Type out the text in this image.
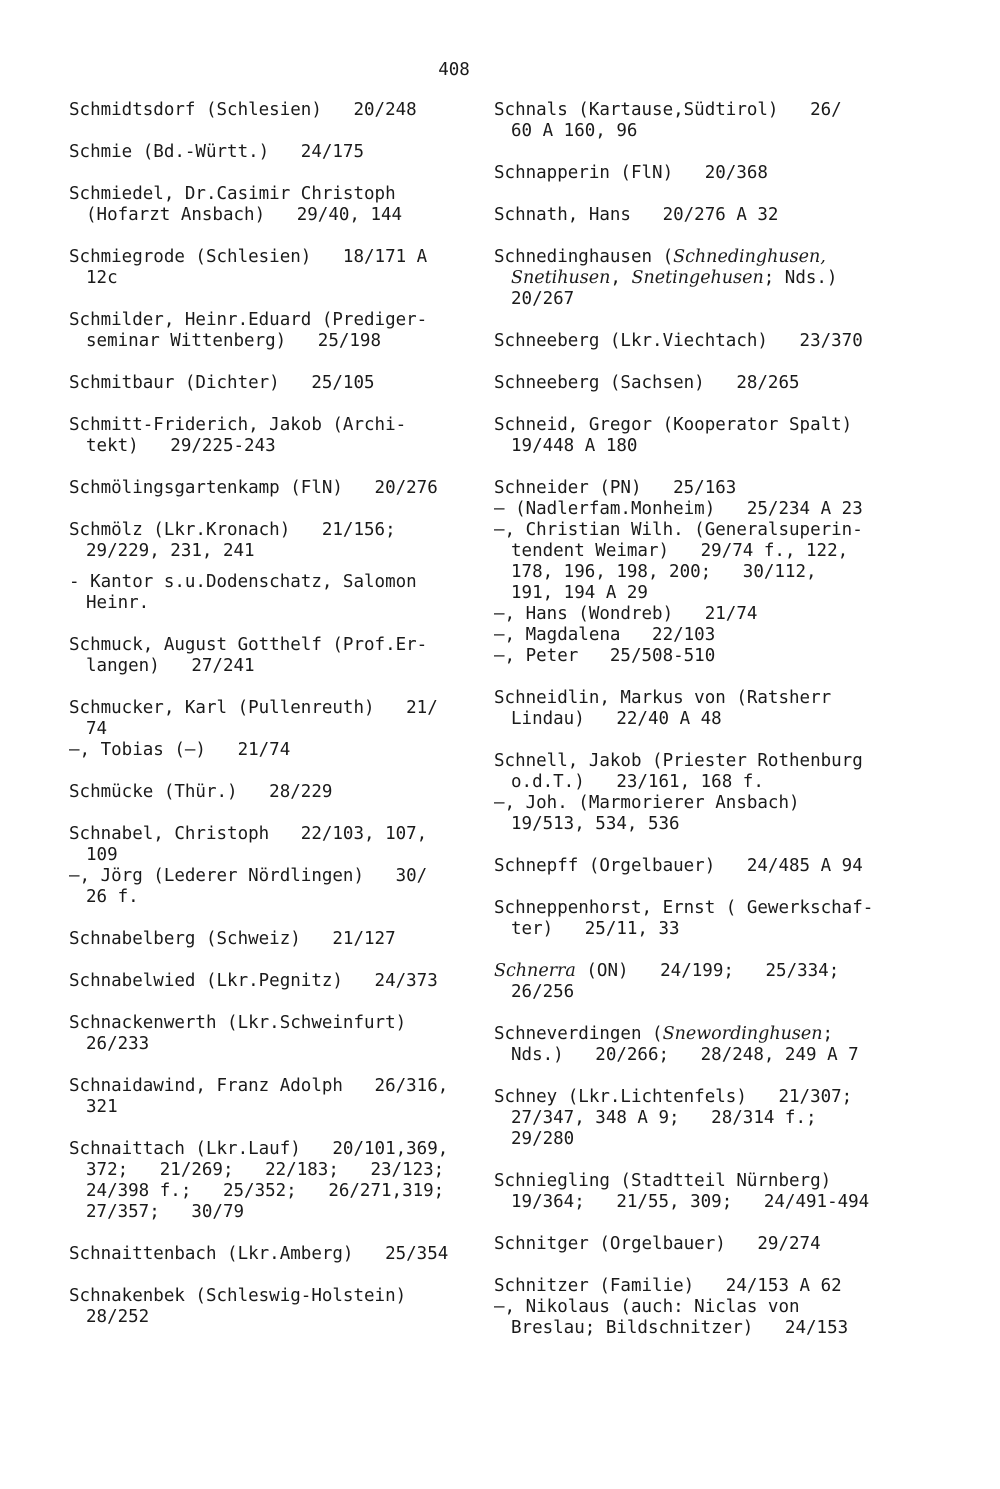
408
Schmidtsdorf (Schlesien)   20/248
Schmie (Bd.-Württ.)   24/175
Schmiedel, Dr.Casimir Christoph
(Hofarzt Ansbach)   29/40, 144
Schmiegrode (Schlesien)   18/171 A
12c
Schmilder, Heinr.Eduard (Prediger-
seminar Wittenberg)   25/198
Schmitbaur (Dichter)   25/105
Schmitt-Friderich, Jakob (Archi-
tekt)   29/225-243
Schmölingsgartenkamp (FlN)   20/276
Schmölz (Lkr.Kronach)   21/156;
29/229, 231, 241
- Kantor s.u.Dodenschatz, Salomon
Heinr.
Schmuck, August Gotthelf (Prof.Er-
langen)   27/241
Schmucker, Karl (Pullenreuth)   21/
74
—, Tobias (—)   21/74
Schmücke (Thür.)   28/229
Schnabel, Christoph   22/103, 107,
109
—, Jörg (Lederer Nördlingen)   30/
26 f.
Schnabelberg (Schweiz)   21/127
Schnabelwied (Lkr.Pegnitz)   24/373
Schnackenwerth (Lkr.Schweinfurt)
26/233
Schnaidawind, Franz Adolph   26/316,
321
Schnaittach (Lkr.Lauf)   20/101,369,
372;   21/269;   22/183;   23/123;
24/398 f.;   25/352;   26/271,319;
27/357;   30/79
Schnaittenbach (Lkr.Amberg)   25/354
Schnakenbek (Schleswig-Holstein)
28/252
Schnals (Kartause,Südtirol)   26/
60 A 160, 96
Schnapperin (FlN)   20/368
Schnath, Hans   20/276 A 32
Schnedinghausen (Schnedinghusen,
Snetihusen, Snetingehusen; Nds.)
20/267
Schneeberg (Lkr.Viechtach)   23/370
Schneeberg (Sachsen)   28/265
Schneid, Gregor (Kooperator Spalt)
19/448 A 180
Schneider (PN)   25/163
— (Nadlerfam.Monheim)   25/234 A 23
—, Christian Wilh. (Generalsuperin-
tendent Weimar)   29/74 f., 122,
178, 196, 198, 200;   30/112,
191, 194 A 29
—, Hans (Wondreb)   21/74
—, Magdalena   22/103
—, Peter   25/508-510
Schneidlin, Markus von (Ratsherr
Lindau)   22/40 A 48
Schnell, Jakob (Priester Rothenburg
o.d.T.)   23/161, 168 f.
—, Joh. (Marmorierer Ansbach)
19/513, 534, 536
Schnepff (Orgelbauer)   24/485 A 94
Schneppenhorst, Ernst ( Gewerkschaf-
ter)   25/11, 33
Schnerra (ON)   24/199;   25/334;
26/256
Schneverdingen (Snewordinghusen;
Nds.)   20/266;   28/248, 249 A 7
Schney (Lkr.Lichtenfels)   21/307;
27/347, 348 A 9;   28/314 f.;
29/280
Schniegling (Stadtteil Nürnberg)
19/364;   21/55, 309;   24/491-494
Schnitger (Orgelbauer)   29/274
Schnitzer (Familie)   24/153 A 62
—, Nikolaus (auch: Niclas von
Breslau; Bildschnitzer)   24/153
